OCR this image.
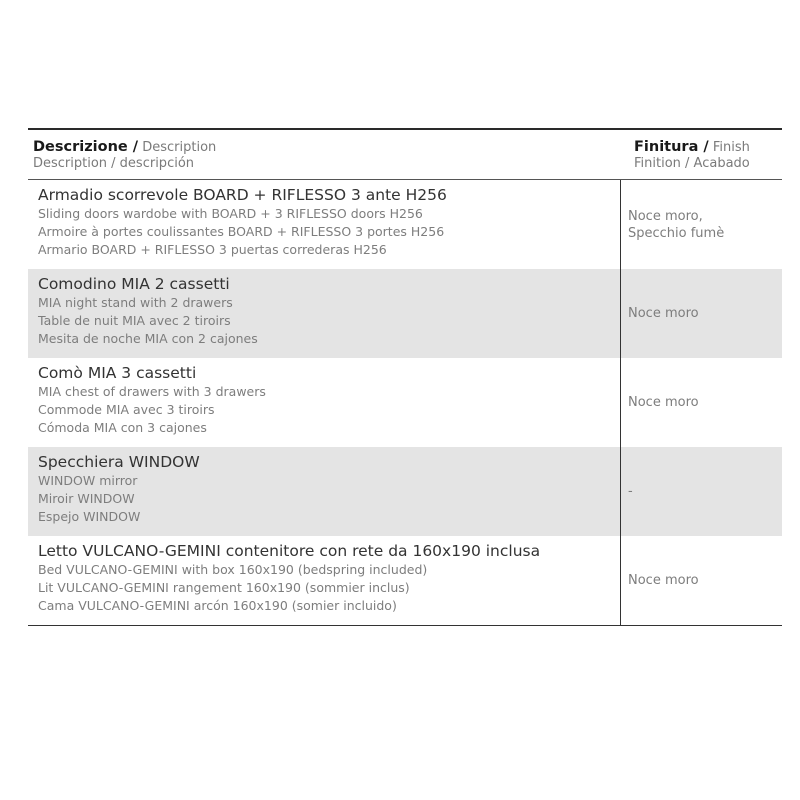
Descrizione / Description
Description / descripción
Finitura / Finish
Finition / Acabado
Armadio scorrevole BOARD + RIFLESSO 3 ante H256
Sliding doors wardobe with BOARD + 3 RIFLESSO doors H256
Armoire à portes coulissantes BOARD + RIFLESSO 3 portes H256
Armario BOARD + RIFLESSO 3 puertas correderas H256
Noce moro,
Specchio fumè
Comodino MIA 2 cassetti
MIA night stand with 2 drawers
Table de nuit MIA avec 2 tiroirs
Mesita de noche MIA con 2 cajones
Noce moro
Comò MIA 3 cassetti
MIA chest of drawers with 3 drawers
Commode MIA avec 3 tiroirs
Cómoda MIA con 3 cajones
Noce moro
Specchiera WINDOW
WINDOW mirror
Miroir WINDOW
Espejo WINDOW
-
Letto VULCANO-GEMINI contenitore con rete da 160x190 inclusa
Bed VULCANO-GEMINI with box 160x190 (bedspring included)
Lit VULCANO-GEMINI rangement 160x190 (sommier inclus)
Cama VULCANO-GEMINI arcón 160x190 (somier incluido)
Noce moro
